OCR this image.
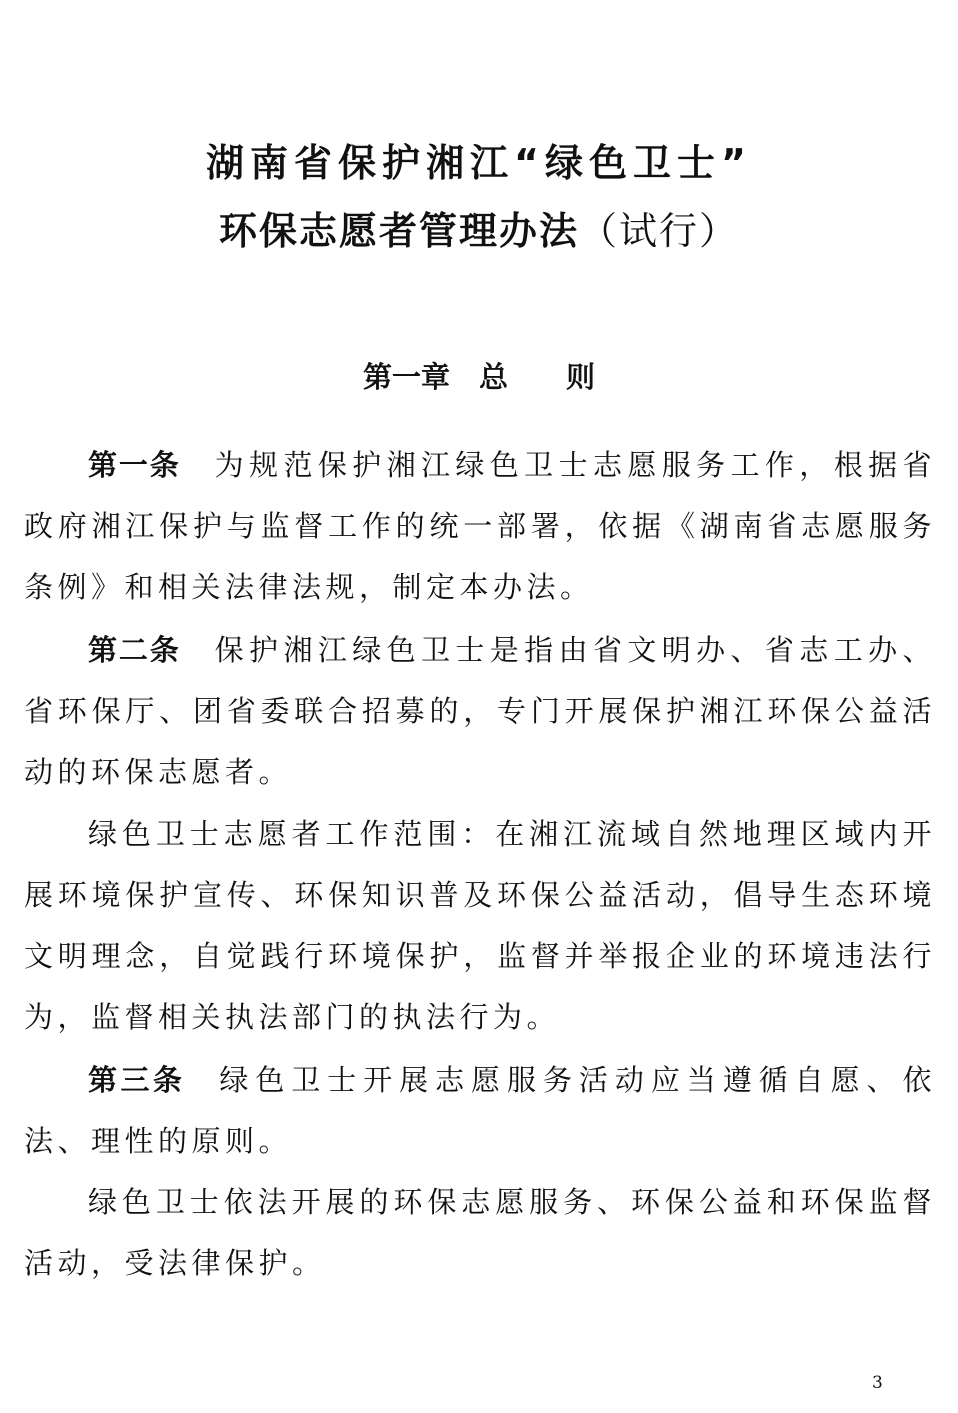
湖南省保护湘江“绿色卫士”
环保志愿者管理办法（试行）
第一章　总　　则

第一条 为规范保护湘江绿色卫士志愿服务工作，根据省政府湘江保护与监督工作的统一部署，依据《湖南省志愿服务条例》和相关法律法规，制定本办法。

第二条 保护湘江绿色卫士是指由省文明办、省志工办、省环保厅、团省委联合招募的，专门开展保护湘江环保公益活动的环保志愿者。

绿色卫士志愿者工作范围：在湘江流域自然地理区域内开展环境保护宣传、环保知识普及环保公益活动，倡导生态环境文明理念，自觉践行环境保护，监督并举报企业的环境违法行为，监督相关执法部门的执法行为。

第三条 绿色卫士开展志愿服务活动应当遵循自愿、依法、理性的原则。

绿色卫士依法开展的环保志愿服务、环保公益和环保监督活动，受法律保护。

3
